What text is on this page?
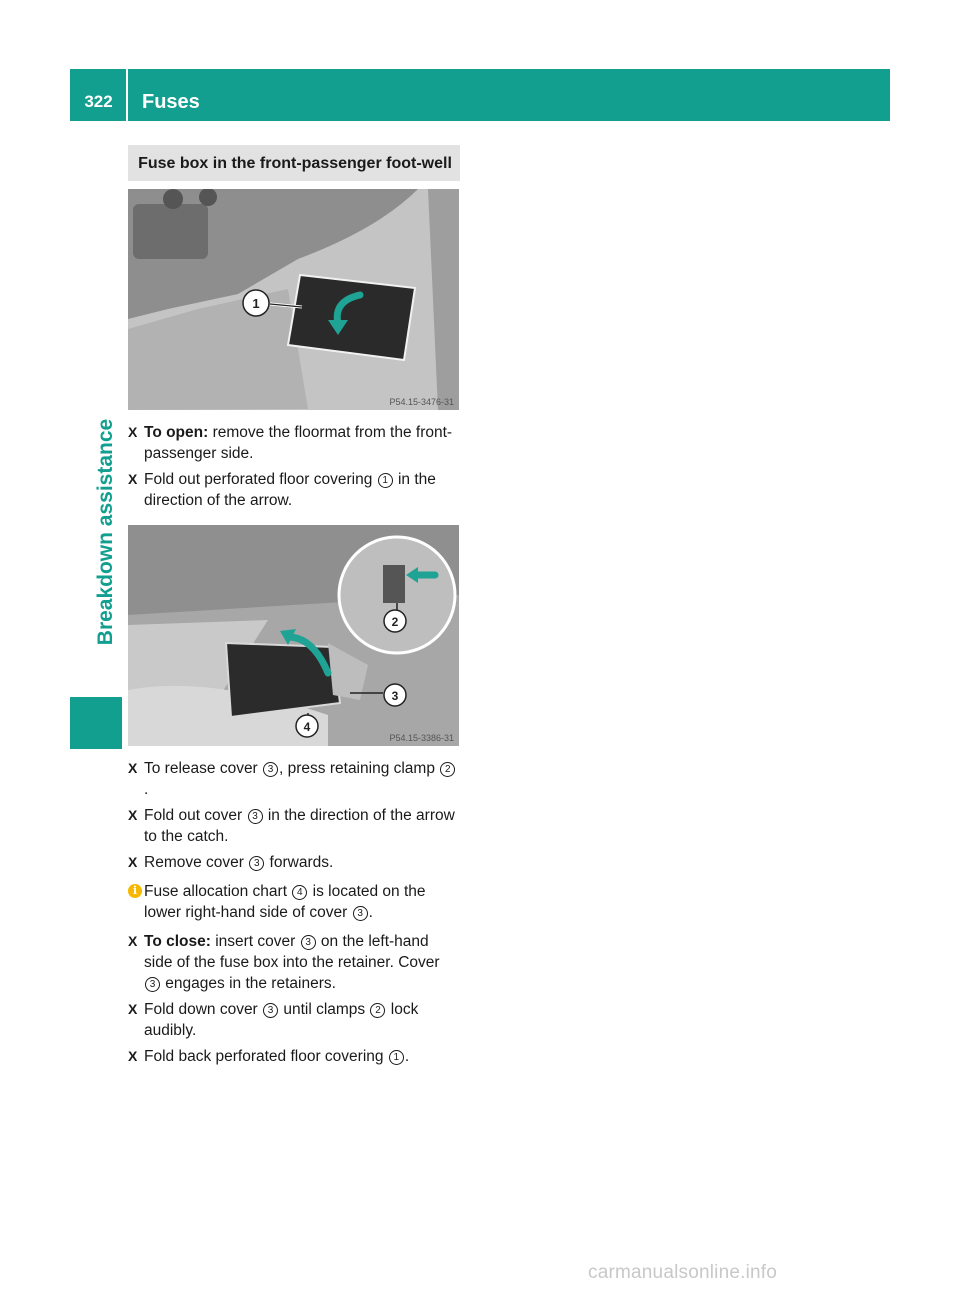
322	Fuses
Breakdown assistance
Fuse box in the front-passenger foot-well
1
P54.15-3476-31
X To open: remove the floormat from the front-passenger side.
X Fold out perforated floor covering 1 in the direction of the arrow.
2
3
4
P54.15-3386-31
X To release cover 3 , press retaining clamp 2.
X Fold out cover 3 in the direction of the arrow to the catch.
X Remove cover 3 forwards.
i Fuse allocation chart 4 is located on the lower right-hand side of cover 3 .
X To close: insert cover 3 on the left-hand side of the fuse box into the retainer. Cover 3 engages in the retainers.
X Fold down cover 3 until clamps 2 lock audibly.
X Fold back perforated floor covering 1 .
carmanualsonline.info
